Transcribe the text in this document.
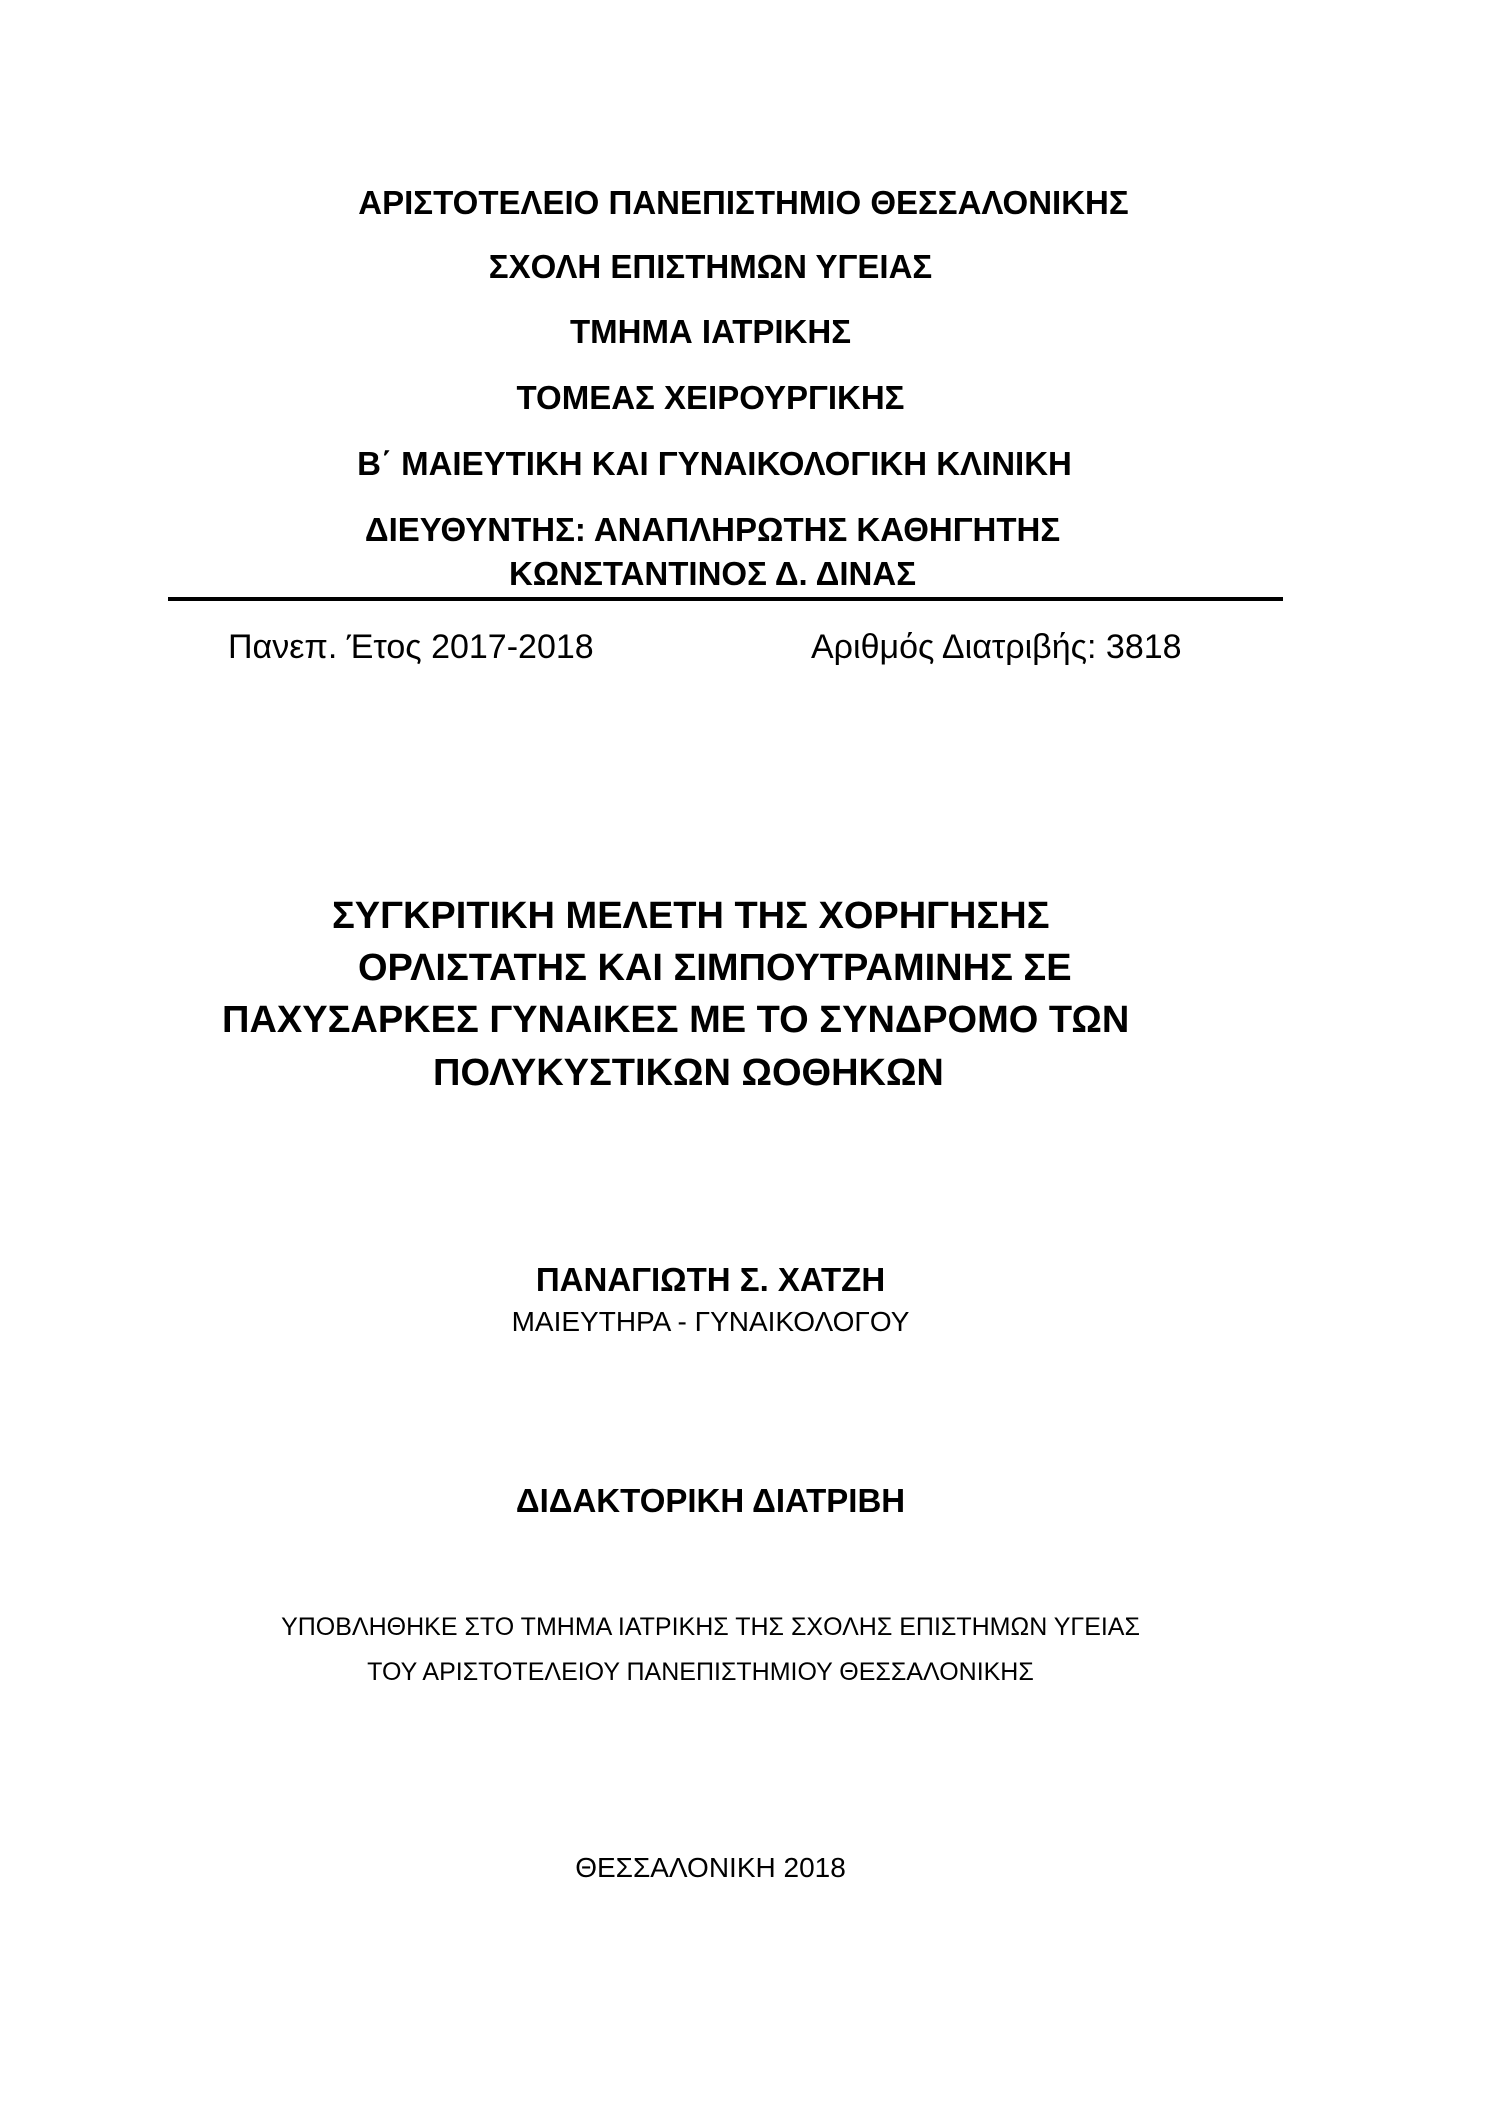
ΑΡΙΣΤΟΤΕΛΕΙΟ ΠΑΝΕΠΙΣΤΗΜΙΟ ΘΕΣΣΑΛΟΝΙΚΗΣ
ΣΧΟΛΗ ΕΠΙΣΤΗΜΩΝ ΥΓΕΙΑΣ
ΤΜΗΜΑ ΙΑΤΡΙΚΗΣ
ΤΟΜΕΑΣ ΧΕΙΡΟΥΡΓΙΚΗΣ
Β΄ ΜΑΙΕΥΤΙΚΗ ΚΑΙ ΓΥΝΑΙΚΟΛΟΓΙΚΗ ΚΛΙΝΙΚΗ
ΔΙΕΥΘΥΝΤΗΣ: ΑΝΑΠΛΗΡΩΤΗΣ ΚΑΘΗΓΗΤΗΣ
ΚΩΝΣΤΑΝΤΙΝΟΣ Δ. ΔΙΝΑΣ
Πανεπ. Έτος 2017-2018	Αριθμός Διατριβής: 3818
ΣΥΓΚΡΙΤΙΚΗ ΜΕΛΕΤΗ ΤΗΣ ΧΟΡΗΓΗΣΗΣ
ΟΡΛΙΣΤΑΤΗΣ ΚΑΙ ΣΙΜΠΟΥΤΡΑΜΙΝΗΣ ΣΕ
ΠΑΧΥΣΑΡΚΕΣ ΓΥΝΑΙΚΕΣ ΜΕ ΤΟ ΣΥΝΔΡΟΜΟ ΤΩΝ
ΠΟΛΥΚΥΣΤΙΚΩΝ ΩΟΘΗΚΩΝ
ΠΑΝΑΓΙΩΤΗ Σ. ΧΑΤΖΗ
ΜΑΙΕΥΤΗΡΑ - ΓΥΝΑΙΚΟΛΟΓΟΥ
ΔΙΔΑΚΤΟΡΙΚΗ ΔΙΑΤΡΙΒΗ
ΥΠΟΒΛΗΘΗΚΕ ΣΤΟ ΤΜΗΜΑ ΙΑΤΡΙΚΗΣ ΤΗΣ ΣΧΟΛΗΣ ΕΠΙΣΤΗΜΩΝ ΥΓΕΙΑΣ
ΤΟΥ ΑΡΙΣΤΟΤΕΛΕΙΟΥ ΠΑΝΕΠΙΣΤΗΜΙΟΥ ΘΕΣΣΑΛΟΝΙΚΗΣ
ΘΕΣΣΑΛΟΝΙΚΗ 2018
